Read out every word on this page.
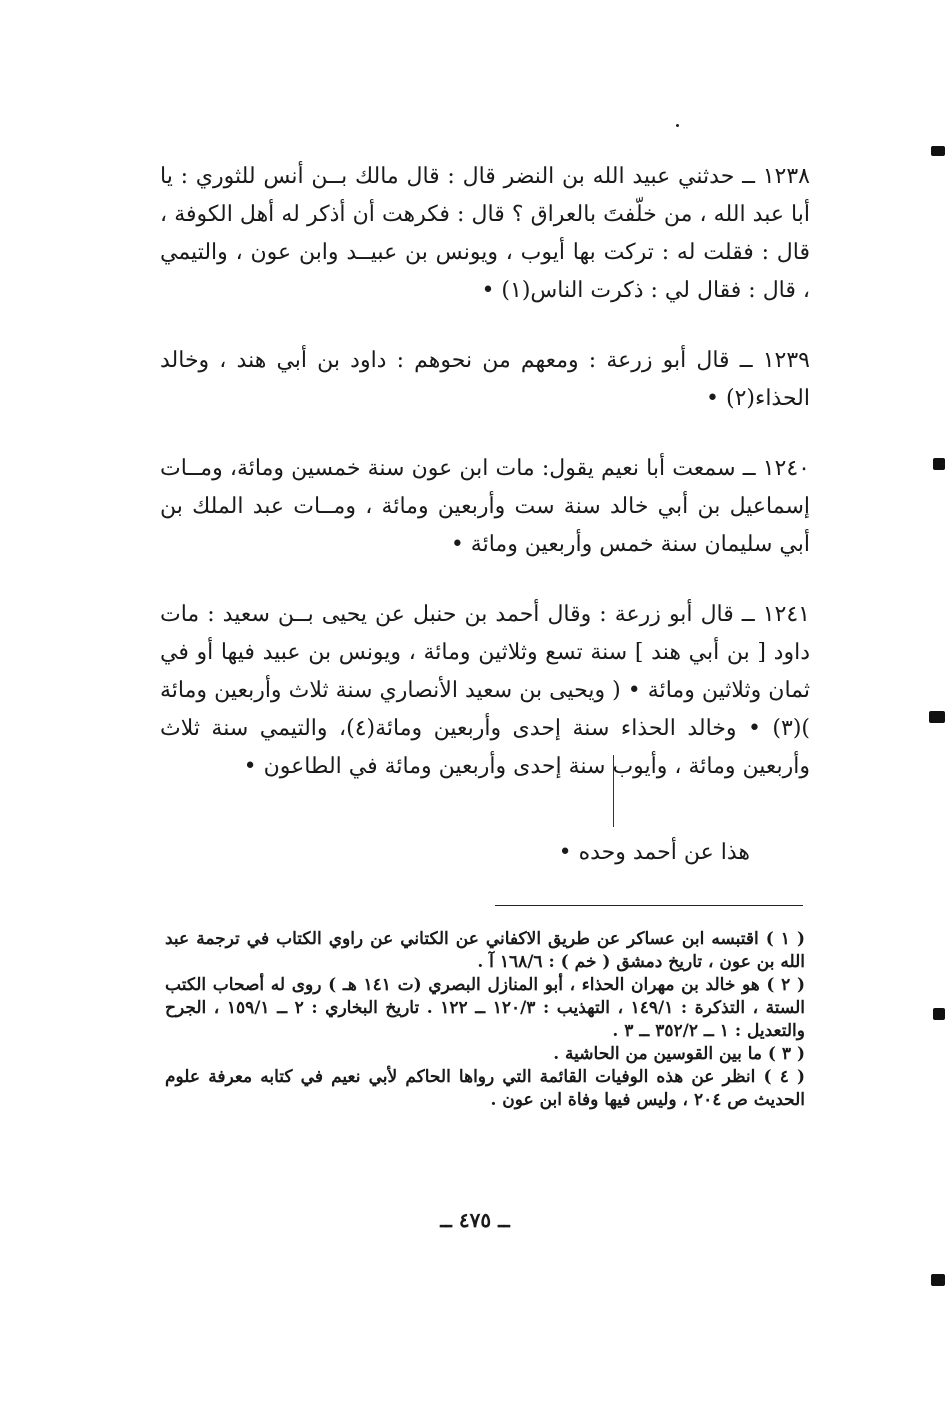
١٢٣٨ ــ حدثني عبيد الله بن النضر قال : قال مالك بــن أنس للثوري : يا أبا عبد الله ، من خلّفتَ بالعراق ؟ قال : فكرهت أن أذكر له أهل الكوفة ، قال : فقلت له : تركت بها أيوب ، ويونس بن عبيــد وابن عون ، والتيمي ، قال : فقال لي : ذكرت الناس(١) •

١٢٣٩ ــ قال أبو زرعة : ومعهم من نحوهم : داود بن أبي هند ، وخالد الحذاء(٢) •

١٢٤٠ ــ سمعت أبا نعيم يقول: مات ابن عون سنة خمسين ومائة، ومــات إسماعيل بن أبي خالد سنة ست وأربعين ومائة ، ومــات عبد الملك بن أبي سليمان سنة خمس وأربعين ومائة •

١٢٤١ ــ قال أبو زرعة : وقال أحمد بن حنبل عن يحيى بــن سعيد : مات داود [ بن أبي هند ] سنة تسع وثلاثين ومائة ، ويونس بن عبيد فيها أو في ثمان وثلاثين ومائة • ( ويحيى بن سعيد الأنصاري سنة ثلاث وأربعين ومائة )(٣) • وخالد الحذاء سنة إحدى وأربعين ومائة(٤)، والتيمي سنة ثلاث وأربعين ومائة ، وأيوب سنة إحدى وأربعين ومائة في الطاعون •

هذا عن أحمد وحده •

( ١ ) اقتبسه ابن عساكر عن طريق الاكفاني عن الكتاني عن راوي الكتاب في ترجمة عبد الله بن عون ، تاريخ دمشق ( خم ) : ١٦٨/٦ آ .

( ٢ ) هو خالد بن مهران الحذاء ، أبو المنازل البصري (ت ١٤١ هـ ) روى له أصحاب الكتب الستة ، التذكرة : ١٤٩/١ ، التهذيب : ١٢٠/٣ ــ ١٢٢ . تاريخ البخاري : ٢ ــ ١٥٩/١ ، الجرح والتعديل : ١ ــ ٣٥٢/٢ ــ ٣ .

( ٣ ) ما بين القوسين من الحاشية .

( ٤ ) انظر عن هذه الوفيات القائمة التي رواها الحاكم لأبي نعيم في كتابه معرفة علوم الحديث ص ٢٠٤ ، وليس فيها وفاة ابن عون .

ــ ٤٧٥ ــ
